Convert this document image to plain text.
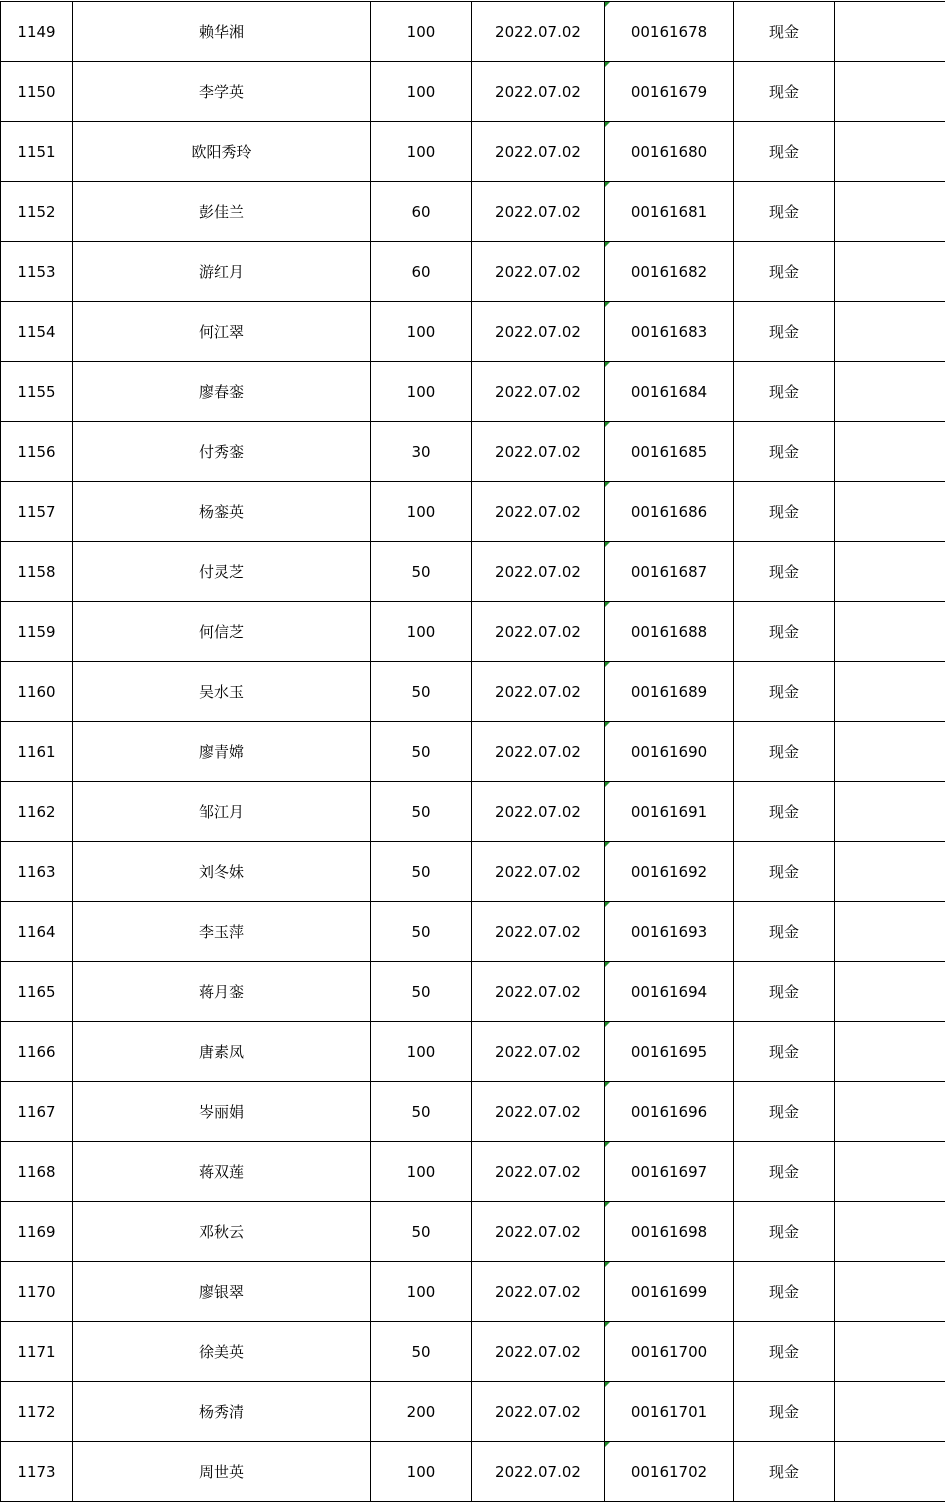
1149	赖华湘	100	2022.07.02	00161678	现金	
1150	李学英	100	2022.07.02	00161679	现金	
1151	欧阳秀玲	100	2022.07.02	00161680	现金	
1152	彭佳兰	60	2022.07.02	00161681	现金	
1153	游红月	60	2022.07.02	00161682	现金	
1154	何江翠	100	2022.07.02	00161683	现金	
1155	廖春銮	100	2022.07.02	00161684	现金	
1156	付秀銮	30	2022.07.02	00161685	现金	
1157	杨銮英	100	2022.07.02	00161686	现金	
1158	付灵芝	50	2022.07.02	00161687	现金	
1159	何信芝	100	2022.07.02	00161688	现金	
1160	吴水玉	50	2022.07.02	00161689	现金	
1161	廖青嫦	50	2022.07.02	00161690	现金	
1162	邹江月	50	2022.07.02	00161691	现金	
1163	刘冬妹	50	2022.07.02	00161692	现金	
1164	李玉萍	50	2022.07.02	00161693	现金	
1165	蒋月銮	50	2022.07.02	00161694	现金	
1166	唐素凤	100	2022.07.02	00161695	现金	
1167	岑丽娟	50	2022.07.02	00161696	现金	
1168	蒋双莲	100	2022.07.02	00161697	现金	
1169	邓秋云	50	2022.07.02	00161698	现金	
1170	廖银翠	100	2022.07.02	00161699	现金	
1171	徐美英	50	2022.07.02	00161700	现金	
1172	杨秀清	200	2022.07.02	00161701	现金	
1173	周世英	100	2022.07.02	00161702	现金	
